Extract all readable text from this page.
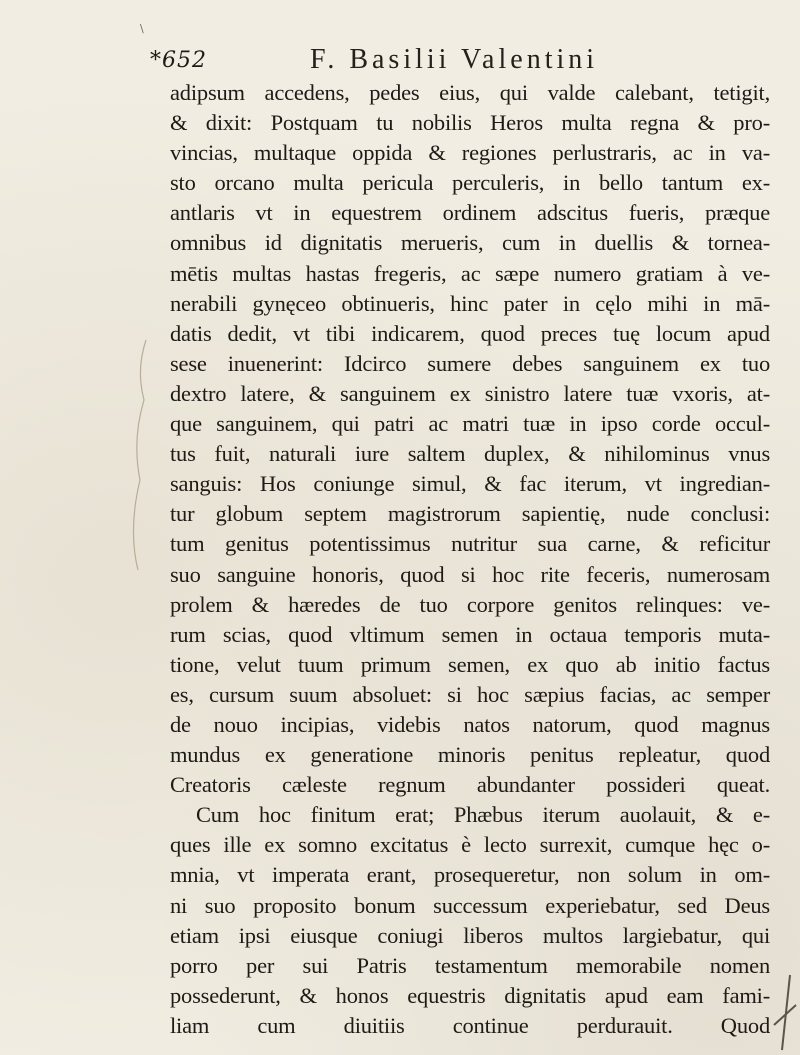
\
*652	F. Basilii Valentini
adipsum accedens, pedes eius, qui valde calebant, tetigit,
& dixit: Postquam tu nobilis Heros multa regna & pro-
vincias, multaque oppida & regiones perlustraris, ac in va-
sto orcano multa pericula perculeris, in bello tantum ex-
antlaris vt in equestrem ordinem adscitus fueris, præque
omnibus id dignitatis merueris, cum in duellis & tornea-
mētis multas hastas fregeris, ac sæpe numero gratiam à ve-
nerabili gynęceo obtinueris, hinc pater in cęlo mihi in mā-
datis dedit, vt tibi indicarem, quod preces tuę locum apud
sese inuenerint: Idcirco sumere debes sanguinem ex tuo
dextro latere, & sanguinem ex sinistro latere tuæ vxoris, at-
que sanguinem, qui patri ac matri tuæ in ipso corde occul-
tus fuit, naturali iure saltem duplex, & nihilominus vnus
sanguis: Hos coniunge simul, & fac iterum, vt ingredian-
tur globum septem magistrorum sapientię, nude conclusi:
tum genitus potentissimus nutritur sua carne, & reficitur
suo sanguine honoris, quod si hoc rite feceris, numerosam
prolem & hæredes de tuo corpore genitos relinques: ve-
rum scias, quod vltimum semen in octaua temporis muta-
tione, velut tuum primum semen, ex quo ab initio factus
es, cursum suum absoluet: si hoc sæpius facias, ac semper
de nouo incipias, videbis natos natorum, quod magnus
mundus ex generatione minoris penitus repleatur, quod
Creatoris cæleste regnum abundanter possideri queat.
Cum hoc finitum erat; Phæbus iterum auolauit, & e-
ques ille ex somno excitatus è lecto surrexit, cumque hęc o-
mnia, vt imperata erant, prosequeretur, non solum in om-
ni suo proposito bonum successum experiebatur, sed Deus
etiam ipsi eiusque coniugi liberos multos largiebatur, qui
porro per sui Patris testamentum memorabile nomen
possederunt, & honos equestris dignitatis apud eam fami-
liam cum diuitiis continue perdurauit. Quod
